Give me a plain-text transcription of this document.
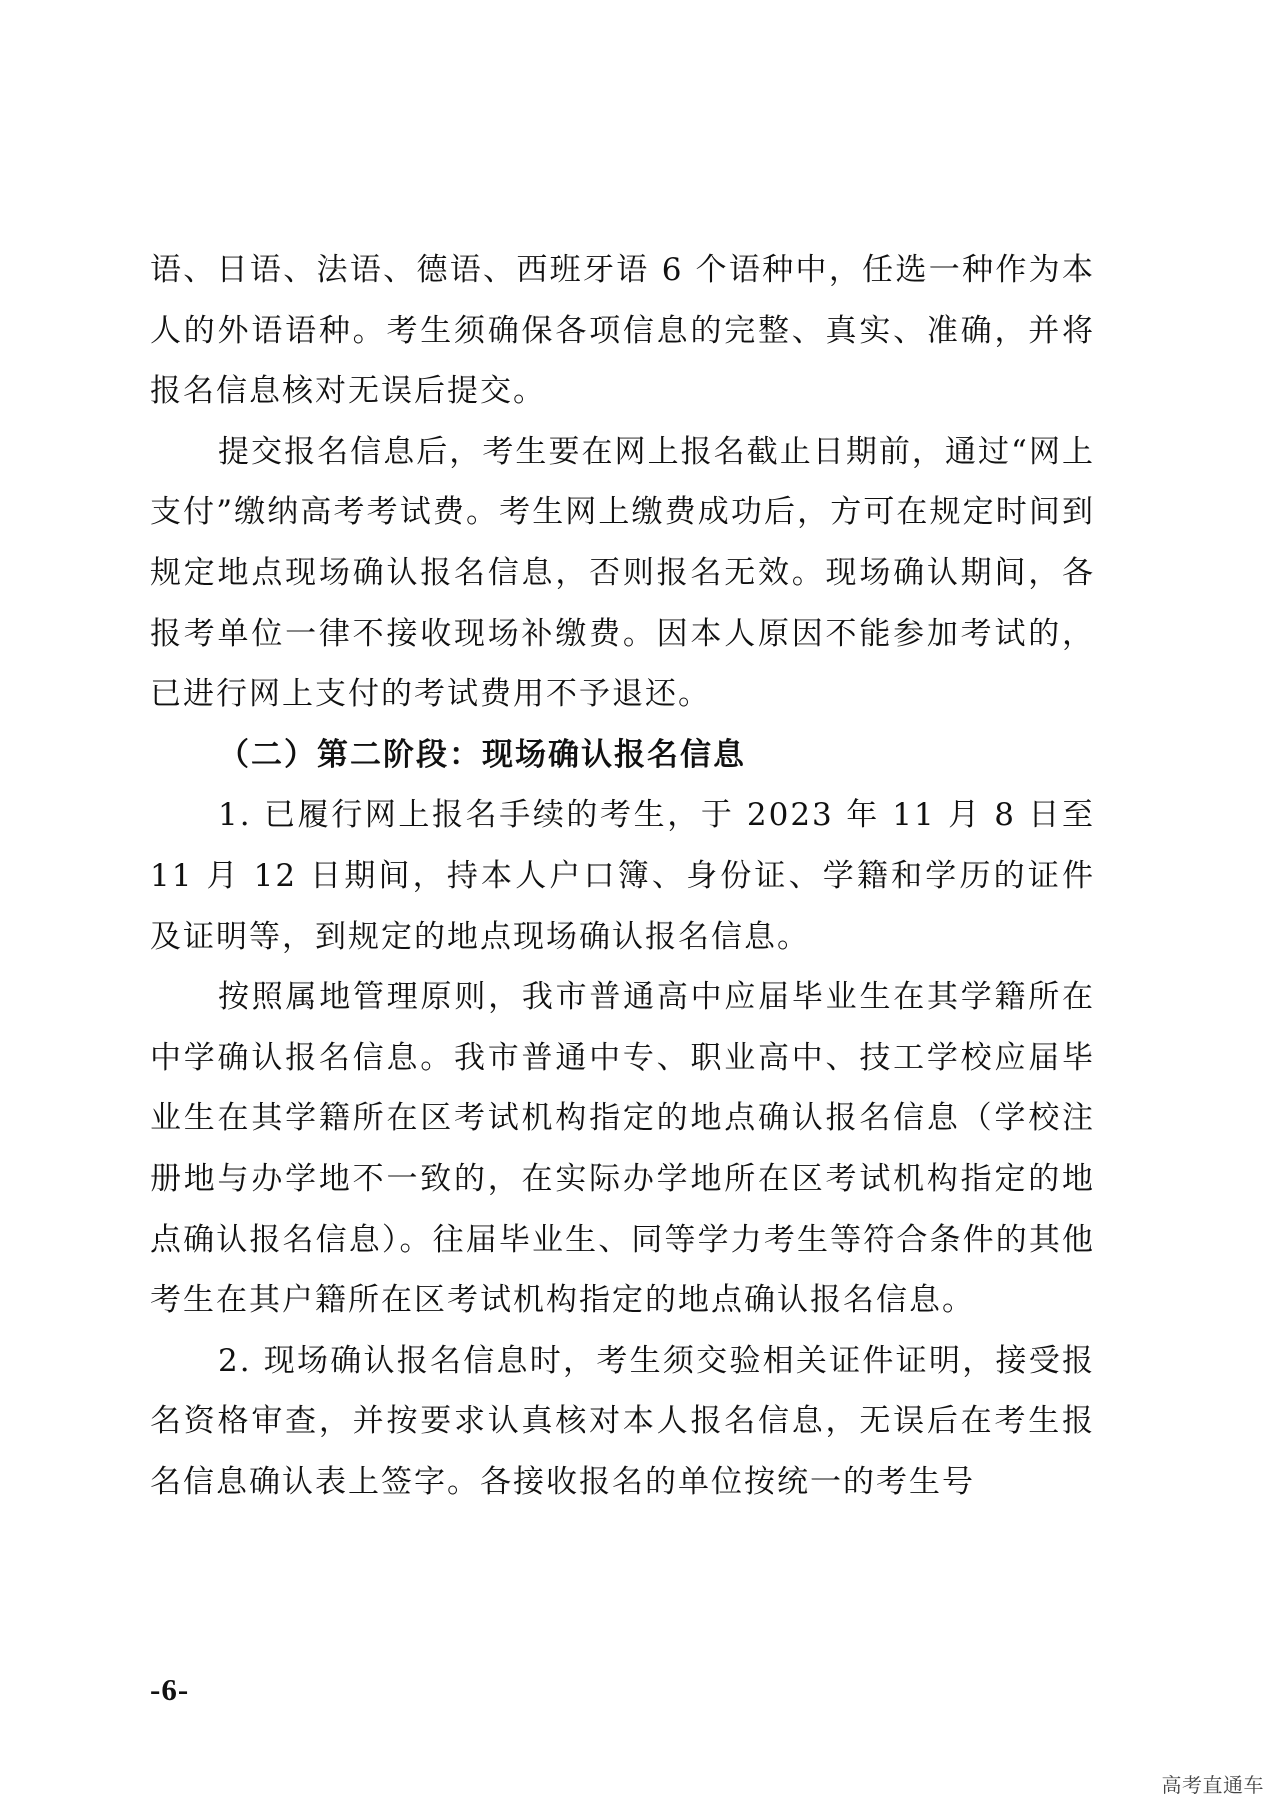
语、日语、法语、德语、西班牙语 6 个语种中，任选一种作为本人的外语语种。考生须确保各项信息的完整、真实、准确，并将报名信息核对无误后提交。

提交报名信息后，考生要在网上报名截止日期前，通过“网上支付”缴纳高考考试费。考生网上缴费成功后，方可在规定时间到规定地点现场确认报名信息，否则报名无效。现场确认期间，各报考单位一律不接收现场补缴费。因本人原因不能参加考试的，已进行网上支付的考试费用不予退还。

（二）第二阶段：现场确认报名信息

1. 已履行网上报名手续的考生，于 2023 年 11 月 8 日至 11 月 12 日期间，持本人户口簿、身份证、学籍和学历的证件及证明等，到规定的地点现场确认报名信息。

按照属地管理原则，我市普通高中应届毕业生在其学籍所在中学确认报名信息。我市普通中专、职业高中、技工学校应届毕业生在其学籍所在区考试机构指定的地点确认报名信息（学校注册地与办学地不一致的，在实际办学地所在区考试机构指定的地点确认报名信息）。往届毕业生、同等学力考生等符合条件的其他考生在其户籍所在区考试机构指定的地点确认报名信息。

2. 现场确认报名信息时，考生须交验相关证件证明，接受报名资格审查，并按要求认真核对本人报名信息，无误后在考生报名信息确认表上签字。各接收报名的单位按统一的考生号

-6-
高考直通车
